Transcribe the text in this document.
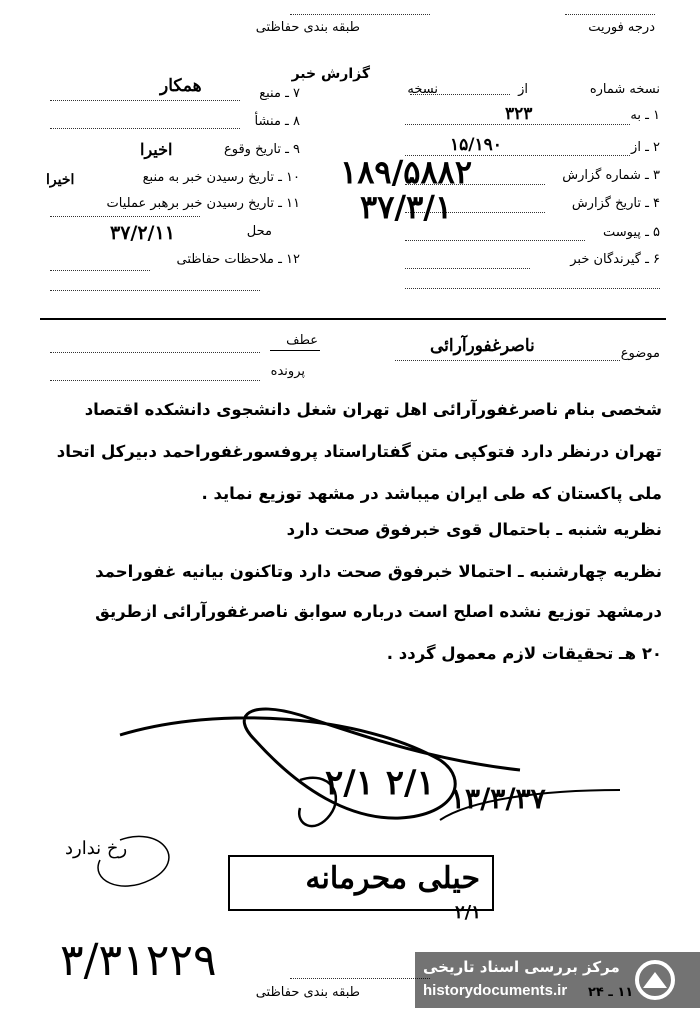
درجه فوریت
طبقه بندی حفاظتی
گزارش خبر
نسخه شماره
از
نسخه
۱ ـ به
۳۲۳
۲ ـ از
۱۵/۱۹۰
۳ ـ شماره گزارش
۱۸۹/۵۸۸۲
۴ ـ تاریخ گزارش
۳۷/۳/۱
۵ ـ پیوست
۶ ـ گیرندگان خبر
۷ ـ منبع
همکار
۸ ـ منشأ
۹ ـ تاریخ وقوع
اخیرا
۱۰ ـ تاریخ رسیدن خبر به منبع
اخیرا
۱۱ ـ تاریخ رسیدن خبر برهبر عملیات
محل
۳۷/۲/۱۱
۱۲ ـ ملاحظات حفاظتی
موضوع
ناصرغفورآرائی
عطف
پرونده
شخصی بنام ناصرغفورآرائی اهل تهران شغل دانشجوی دانشکده اقتصاد
تهران درنظر دارد فتوکپی متن گفتاراستاد پروفسورغفوراحمد دبیرکل اتحاد
ملی پاکستان که طی ایران میباشد در مشهد توزیع نماید .
نظریه شنبه ـ باحتمال قوی خبرفوق صحت دارد
نظریه چهارشنبه ـ احتمالا خبرفوق صحت دارد وتاکنون بیانیه غفوراحمد
درمشهد توزیع نشده اصلح است درباره سوابق ناصرغفورآرائی ازطریق
۲۰ هـ تحقیقات لازم معمول گردد .
۲/۱ ۲/۱ ۱۳/۳/۳۷
رخ ندارد
حیلی محرمانه
۲/۱
۳/۳۱۲۲۹
طبقه بندی حفاظتی
مرکز بررسی اسناد تاریخی
historydocuments.ir
